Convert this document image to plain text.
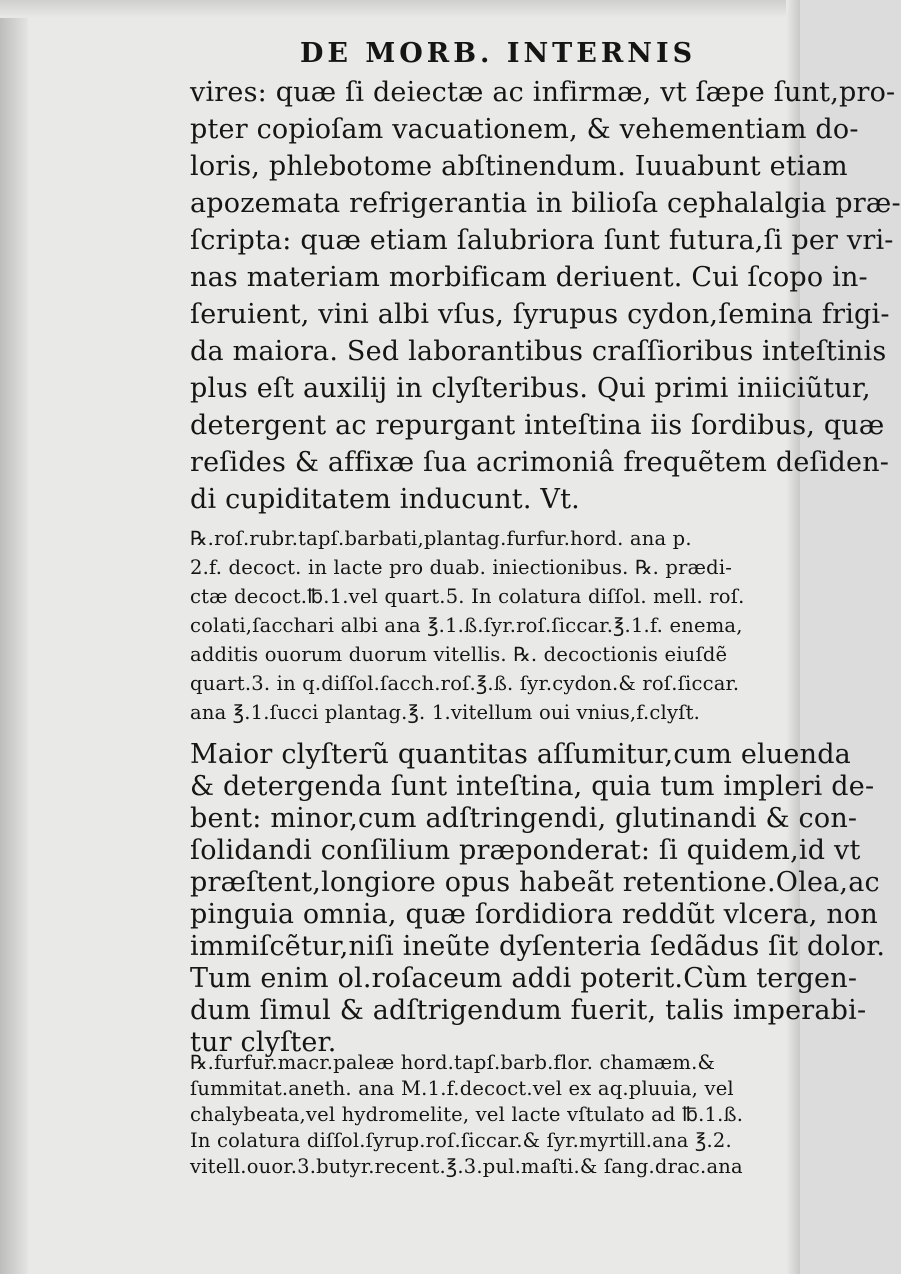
DE MORB. INTERNIS
vires: quæ ſi deiectæ ac infirmæ, vt ſæpe ſunt,pro-
pter copioſam vacuationem, & vehementiam do-
loris, phlebotome abſtinendum. Iuuabunt etiam
apozemata refrigerantia in bilioſa cephalalgia præ-
ſcripta: quæ etiam ſalubriora ſunt futura,ſi per vri-
nas materiam morbificam deriuent. Cui ſcopo in-
ſeruient, vini albi vſus, ſyrupus cydon,ſemina frigi-
da maiora. Sed laborantibus craſſioribus inteſtinis
plus eſt auxilij in clyſteribus. Qui primi iniiciũtur,
detergent ac repurgant inteſtina iis ſordibus, quæ
reſides & affixæ ſua acrimoniâ frequẽtem deſiden-
di cupiditatem inducunt. Vt.
℞.roſ.rubr.tapſ.barbati,plantag.furfur.hord. ana p.
2.f. decoct. in lacte pro duab. iniectionibus. ℞. prædi-
ctæ decoct.℔.1.vel quart.5. In colatura diſſol. mell. roſ.
colati,ſacchari albi ana ℥.1.ß.ſyr.roſ.ſiccar.℥.1.f. enema,
additis ouorum duorum vitellis. ℞. decoctionis eiuſdẽ
quart.3. in q.diſſol.ſacch.roſ.℥.ß. ſyr.cydon.& roſ.ſiccar.
ana ℥.1.ſucci plantag.℥. 1.vitellum oui vnius,f.clyſt.
Maior clyſterũ quantitas aſſumitur,cum eluenda
& detergenda ſunt inteſtina, quia tum impleri de-
bent: minor,cum adſtringendi, glutinandi & con-
ſolidandi conſilium præponderat: ſi quidem,id vt
præſtent,longiore opus habeãt retentione.Olea,ac
pinguia omnia, quæ ſordidiora reddũt vlcera, non
immiſcẽtur,niſi ineũte dyſenteria ſedãdus ſit dolor.
Tum enim ol.roſaceum addi poterit.Cùm tergen-
dum ſimul & adſtrigendum fuerit, talis imperabi-
tur clyſter.
℞.furfur.macr.paleæ hord.tapſ.barb.flor. chamæm.&
ſummitat.aneth. ana M.1.f.decoct.vel ex aq.pluuia, vel
chalybeata,vel hydromelite, vel lacte vſtulato ad ℔.1.ß.
In colatura diſſol.ſyrup.roſ.ſiccar.& ſyr.myrtill.ana ℥.2.
vitell.ouor.3.butyr.recent.℥.3.pul.maſti.& ſang.drac.ana
